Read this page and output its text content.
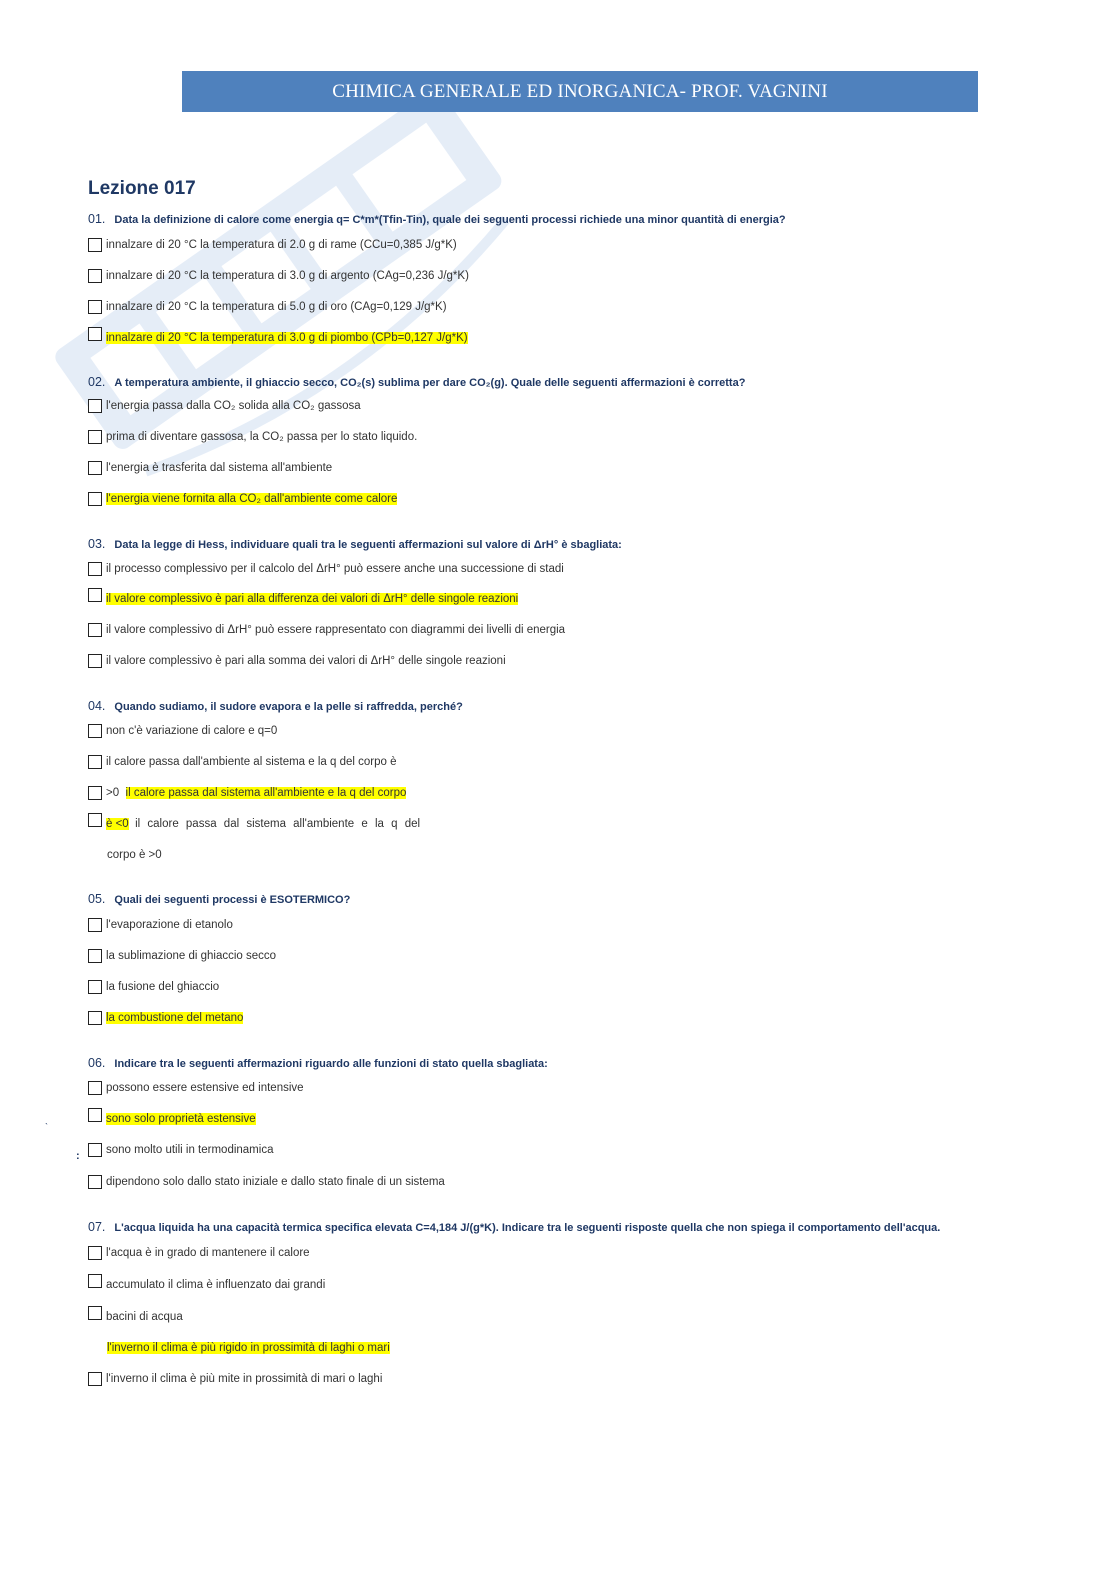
CHIMICA GENERALE ED INORGANICA- PROF. VAGNINI
Lezione 017
01. Data la definizione di calore come energia q= C*m*(Tfin-Tin), quale dei seguenti processi richiede una minor quantità di energia?
innalzare di 20 °C la temperatura di 2.0 g di rame (CCu=0,385 J/g*K)
innalzare di 20 °C la temperatura di 3.0 g di argento (CAg=0,236 J/g*K)
innalzare di 20 °C la temperatura di 5.0 g di oro (CAg=0,129 J/g*K)
innalzare di 20 °C la temperatura di 3.0 g di piombo (CPb=0,127 J/g*K)
02. A temperatura ambiente, il ghiaccio secco, CO₂(s) sublima per dare CO₂(g). Quale delle seguenti affermazioni è corretta?
l'energia passa dalla CO₂ solida alla CO₂ gassosa
prima di diventare gassosa, la CO₂ passa per lo stato liquido.
l'energia è trasferita dal sistema all'ambiente
l'energia viene fornita alla CO₂ dall'ambiente come calore
03. Data la legge di Hess, individuare quali tra le seguenti affermazioni sul valore di ΔrH° è sbagliata:
il processo complessivo per il calcolo del ΔrH° può essere anche una successione di stadi
il valore complessivo è pari alla differenza dei valori di ΔrH° delle singole reazioni
il valore complessivo di ΔrH° può essere rappresentato con diagrammi dei livelli di energia
il valore complessivo è pari alla somma dei valori di ΔrH° delle singole reazioni
04. Quando sudiamo, il sudore evapora e la pelle si raffredda, perché?
non c'è variazione di calore e q=0
il calore passa dall'ambiente al sistema e la q del corpo è
>0
il calore passa dal sistema all'ambiente e la q del corpo
è <0
il calore passa dal sistema all'ambiente e la q del
corpo è >0
05. Quali dei seguenti processi è ESOTERMICO?
l'evaporazione di etanolo
la sublimazione di ghiaccio secco
la fusione del ghiaccio
la combustione del metano
06. Indicare tra le seguenti affermazioni riguardo alle funzioni di stato quella sbagliata:
possono essere estensive ed intensive
sono solo proprietà estensive
sono molto utili in termodinamica
dipendono solo dallo stato iniziale e dallo stato finale di un sistema
07. L'acqua liquida ha una capacità termica specifica elevata C=4,184 J/(g*K). Indicare tra le seguenti risposte quella che non spiega il comportamento dell'acqua.
l'acqua è in grado di mantenere il calore
accumulato il clima è influenzato dai grandi
bacini di acqua
l'inverno il clima è più rigido in prossimità di laghi o mari
l'inverno il clima è più mite in prossimità di mari o laghi
:
`
